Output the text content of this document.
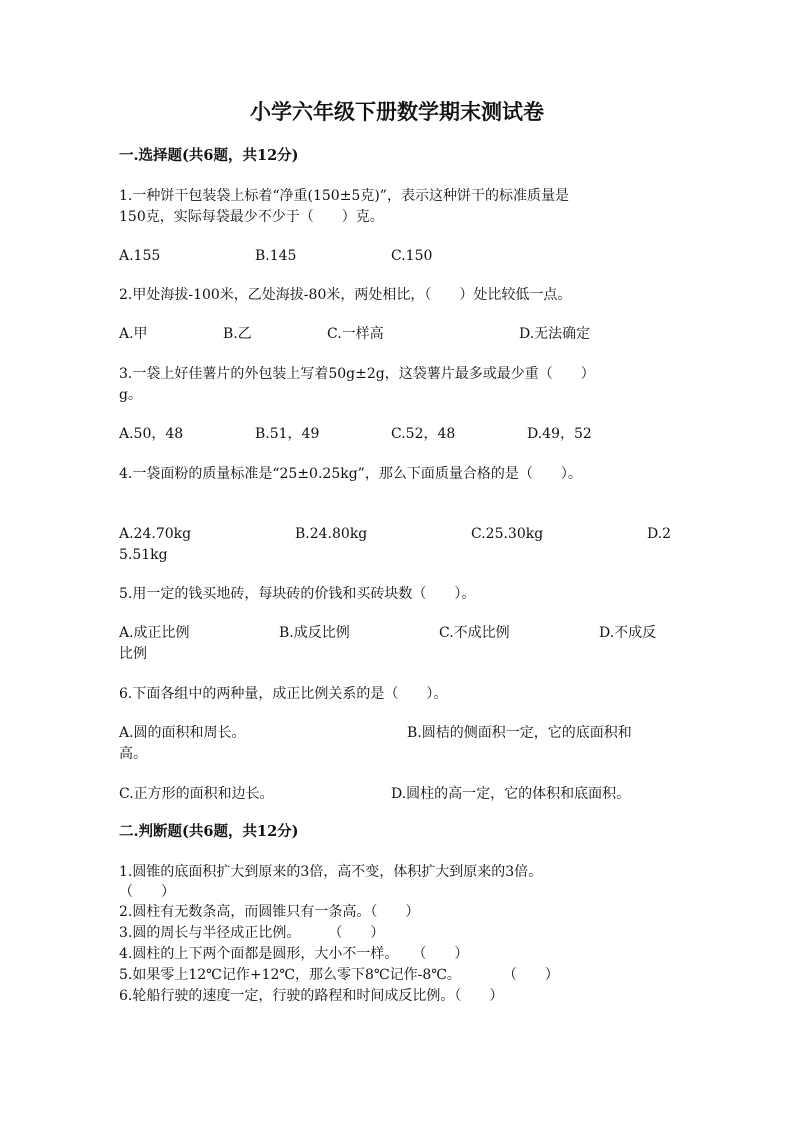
小学六年级下册数学期末测试卷
一.选择题(共6题，共12分)
1.一种饼干包装袋上标着“净重(150±5克)”，表示这种饼干的标准质量是
150克，实际每袋最少不少于（　　）克。
A.155	B.145	C.150
2.甲处海拔-100米，乙处海拔-80米，两处相比，（　　）处比较低一点。
A.甲	B.乙	C.一样高	D.无法确定
3.一袋上好佳薯片的外包装上写着50g±2g，这袋薯片最多或最少重（　　）
g。
A.50，48	B.51，49	C.52，48	D.49，52
4.一袋面粉的质量标准是“25±0.25kg”，那么下面质量合格的是（　　）。
A.24.70kg	B.24.80kg	C.25.30kg	D.2
5.51kg
5.用一定的钱买地砖，每块砖的价钱和买砖块数（　　）。
A.成正比例	B.成反比例	C.不成比例	D.不成反
比例
6.下面各组中的两种量，成正比例关系的是（　　）。
A.圆的面积和周长。	B.圆桔的侧面积一定，它的底面积和
高。
C.正方形的面积和边长。	D.圆柱的高一定，它的体积和底面积。
二.判断题(共6题，共12分)
1.圆锥的底面积扩大到原来的3倍，高不变，体积扩大到原来的3倍。
（　　）
2.圆柱有无数条高，而圆锥只有一条高。（　　）
3.圆的周长与半径成正比例。　　　（　　）
4.圆柱的上下两个面都是圆形，大小不一样。　　（　　）
5.如果零上12℃记作+12℃，那么零下8℃记作-8℃。　　　　（　　）
6.轮船行驶的速度一定，行驶的路程和时间成反比例。（　　）
